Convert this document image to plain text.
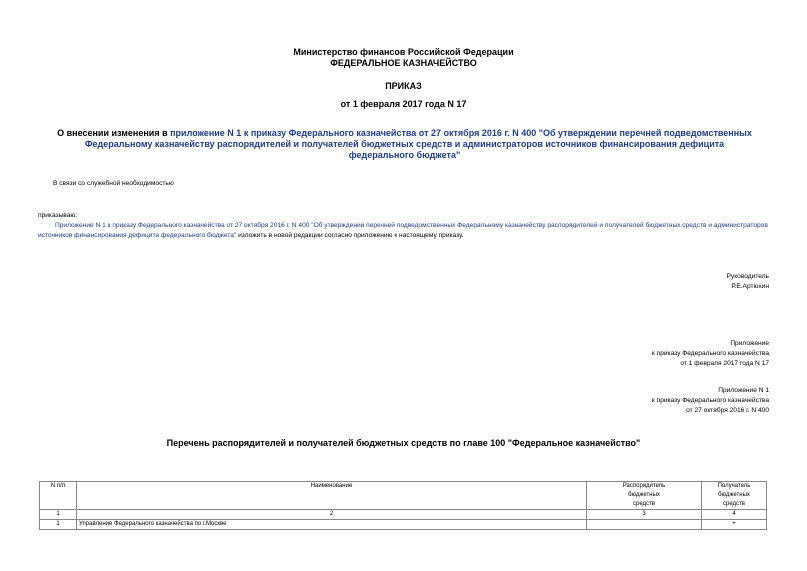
Министерство финансов Российской Федерации
ФЕДЕРАЛЬНОЕ КАЗНАЧЕЙСТВО
ПРИКАЗ
от 1 февраля 2017 года N 17
О внесении изменения в приложение N 1 к приказу Федерального казначейства от 27 октября 2016 г. N 400 "Об утверждении перечней подведомственных Федеральному казначейству распорядителей и получателей бюджетных средств и администраторов источников финансирования дефицита федерального бюджета"
В связи со служебной необходимостью
приказываю:
Приложение N 1 к приказу Федерального казначейства от 27 октября 2016 г. N 400 "Об утверждении перечней подведомственных Федеральному казначейству распорядителей и получателей бюджетных средств и администраторов источников финансирования дефицита федерального бюджета" изложить в новой редакции согласно приложению к настоящему приказу.
Руководитель
Р.Е.Артюхин
Приложение
к приказу Федерального казначейства
от 1 февраля 2017 года N 17
Приложение N 1
к приказу Федерального казначейства
от 27 октября 2016 г. N 400
Перечень распорядителей и получателей бюджетных средств по главе 100 "Федеральное казначейство"
N п/п	Наименование	Распорядитель бюджетных средств	Получатель бюджетных средств
1	2	3	4
1	Управление Федерального казначейства по г.Москве		+
